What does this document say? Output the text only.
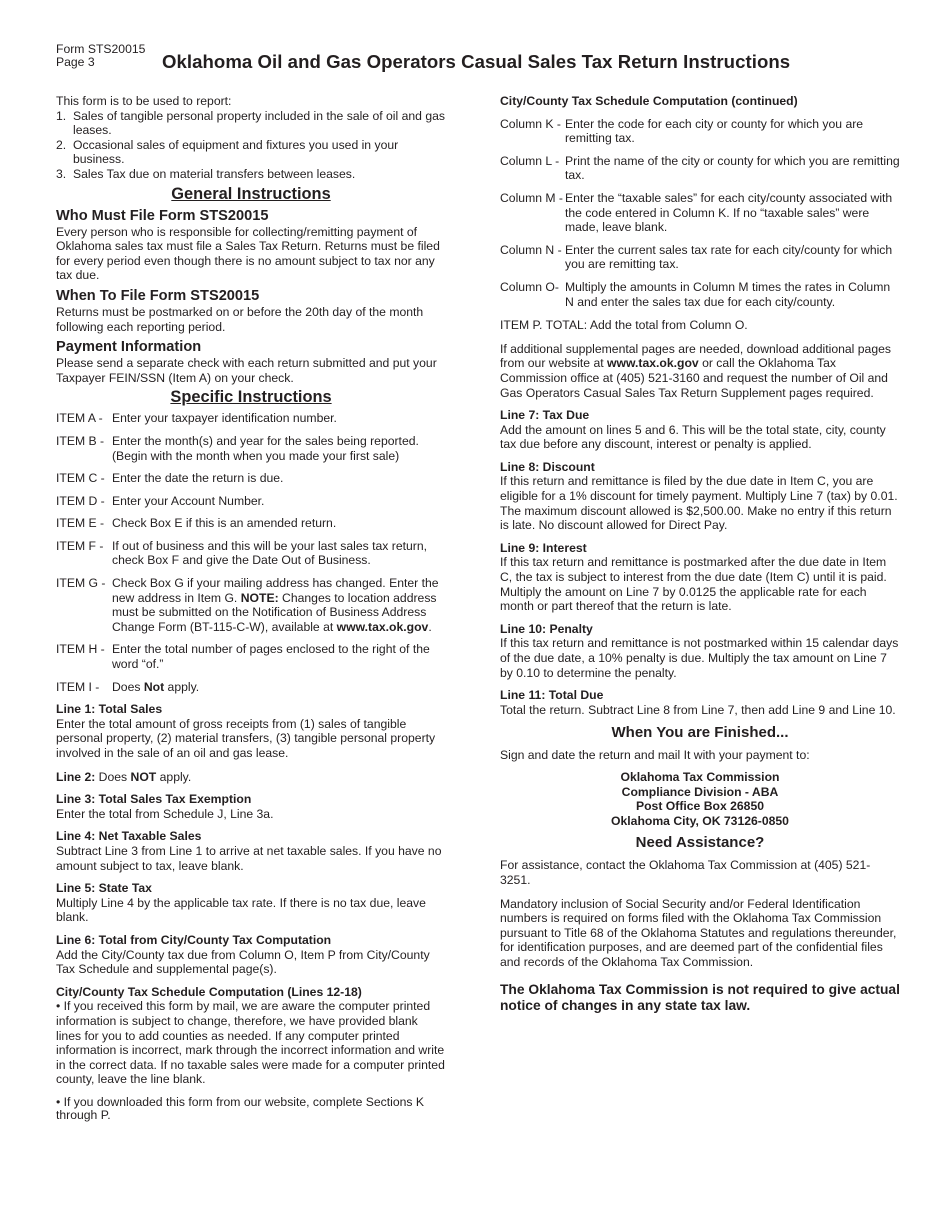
Form STS20015
Page 3	Oklahoma Oil and Gas Operators Casual Sales Tax Return Instructions

This form is to be used to report:

1. Sales of tangible personal property included in the sale of oil and gas leases.
2. Occasional sales of equipment and fixtures you used in your business.
3. Sales Tax due on material transfers between leases.
General Instructions
Who Must File Form STS20015

Every person who is responsible for collecting/remitting payment of Oklahoma sales tax must file a Sales Tax Return. Returns must be filed for every period even though there is no amount subject to tax nor any tax due.

When To File Form STS20015

Returns must be postmarked on or before the 20th day of the month following each reporting period.

Payment Information

Please send a separate check with each return submitted and put your Taxpayer FEIN/SSN (Item A) on your check.

Specific Instructions
ITEM A - Enter your taxpayer identification number.
ITEM B - Enter the month(s) and year for the sales being reported. (Begin with the month when you made your first sale)
ITEM C - Enter the date the return is due.
ITEM D - Enter your Account Number.
ITEM E - Check Box E if this is an amended return.
ITEM F - If out of business and this will be your last sales tax return, check Box F and give the Date Out of Business.
ITEM G - Check Box G if your mailing address has changed. Enter the new address in Item G. NOTE: Changes to location address must be submitted on the Notification of Business Address Change Form (BT-115-C-W), available at www.tax.ok.gov.
ITEM H - Enter the total number of pages enclosed to the right of the word “of.”
ITEM I -	Does Not apply.
Line 1: Total Sales

Enter the total amount of gross receipts from (1) sales of tangible personal property, (2) material transfers, (3) tangible personal property involved in the sale of an oil and gas lease.

Line 2: Does NOT apply.

Line 3: Total Sales Tax Exemption

Enter the total from Schedule J, Line 3a.

Line 4: Net Taxable Sales

Subtract Line 3 from Line 1 to arrive at net taxable sales. If you have no amount subject to tax, leave blank.

Line 5: State Tax

Multiply Line 4 by the applicable tax rate. If there is no tax due, leave blank.

Line 6: Total from City/County Tax Computation

Add the City/County tax due from Column O, Item P from City/County Tax Schedule and supplemental page(s).

City/County Tax Schedule Computation (Lines 12-18)

• If you received this form by mail, we are aware the computer printed information is subject to change, therefore, we have provided blank lines for you to add counties as needed. If any computer printed information is incorrect, mark through the incorrect information and write in the correct data. If no taxable sales were made for a computer printed county, leave the line blank.

• If you downloaded this form from our website, complete Sections K through P.

City/County Tax Schedule Computation (continued)
Column K - Enter the code for each city or county for which you are remitting tax.
Column L - Print the name of the city or county for which you are remitting tax.
Column M - Enter the “taxable sales” for each city/county associated with the code entered in Column K. If no “taxable sales” were made, leave blank.
Column N - Enter the current sales tax rate for each city/county for which you are remitting tax.
Column O- Multiply the amounts in Column M times the rates in Column N and enter the sales tax due for each city/county.

ITEM P. TOTAL: Add the total from Column O.

If additional supplemental pages are needed, download additional pages from our website at www.tax.ok.gov or call the Oklahoma Tax Commission office at (405) 521-3160 and request the number of Oil and Gas Operators Casual Sales Tax Return Supplement pages required.

Line 7: Tax Due

Add the amount on lines 5 and 6. This will be the total state, city, county tax due before any discount, interest or penalty is applied.

Line 8: Discount

If this return and remittance is filed by the due date in Item C, you are eligible for a 1% discount for timely payment. Multiply Line 7 (tax) by 0.01. The maximum discount allowed is $2,500.00. Make no entry if this return is late. No discount allowed for Direct Pay.

Line 9: Interest

If this tax return and remittance is postmarked after the due date in Item C, the tax is subject to interest from the due date (Item C) until it is paid. Multiply the amount on Line 7 by 0.0125 the applicable rate for each month or part thereof that the return is late.

Line 10: Penalty

If this tax return and remittance is not postmarked within 15 calendar days of the due date, a 10% penalty is due. Multiply the tax amount on Line 7 by 0.10 to determine the penalty.

Line 11: Total Due

Total the return. Subtract Line 8 from Line 7, then add Line 9 and Line 10.

When You are Finished...

Sign and date the return and mail It with your payment to:

Oklahoma Tax Commission
Compliance Division - ABA
Post Office Box 26850
Oklahoma City, OK 73126-0850
Need Assistance?

For assistance, contact the Oklahoma Tax Commission at (405) 521-3251.

Mandatory inclusion of Social Security and/or Federal Identification numbers is required on forms filed with the Oklahoma Tax Commission pursuant to Title 68 of the Oklahoma Statutes and regulations thereunder, for identification purposes, and are deemed part of the confidential files and records of the Oklahoma Tax Commission.

The Oklahoma Tax Commission is not required to give actual notice of changes in any state tax law.
